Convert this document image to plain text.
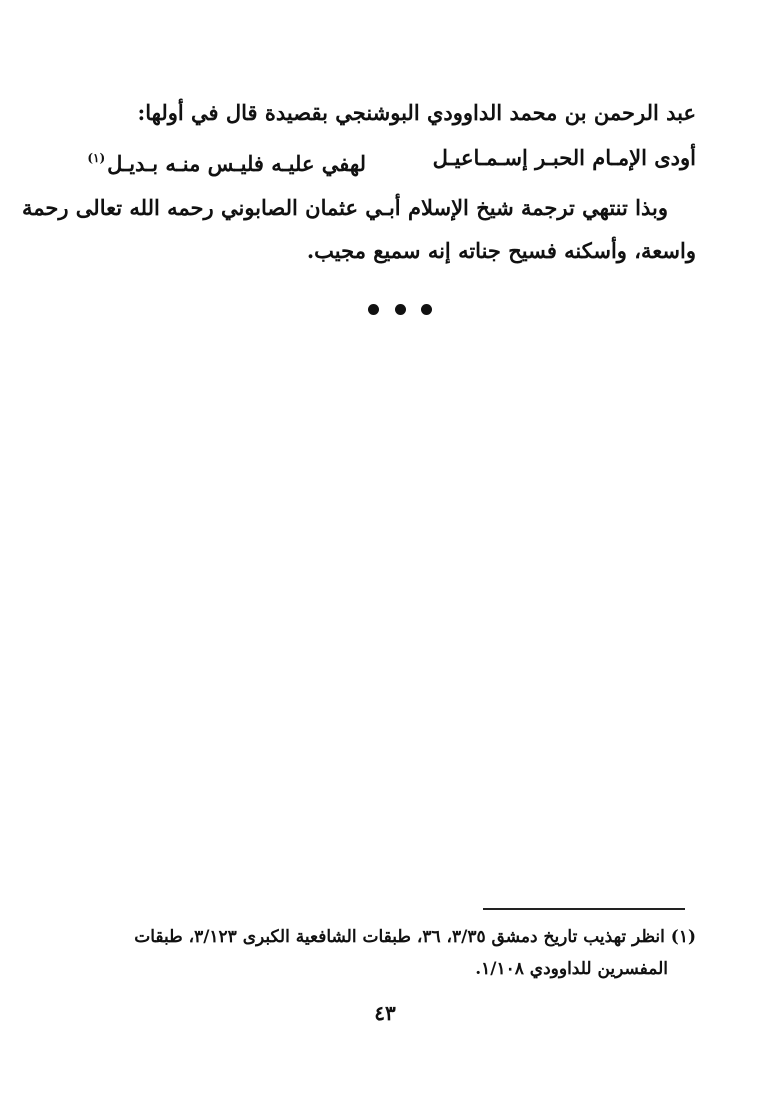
عبد الرحمن بن محمد الداوودي البوشنجي بقصيدة قال في أولها:
أودى الإمـام الحبـر إسـمـاعيـل
لهفي عليـه فليـس منـه بـديـل$^{(١)}$
وبذا تنتهي ترجمة شيخ الإسلام أبـي عثمان الصابوني رحمه الله تعالى رحمة
واسعة، وأسكنه فسيح جناته إنه سميع مجيب.
(١) انظر تهذيب تاريخ دمشق ٣/٣٥، ٣٦، طبقات الشافعية الكبرى ٣/١٢٣، طبقات
المفسرين للداوودي ١/١٠٨.
٤٣
